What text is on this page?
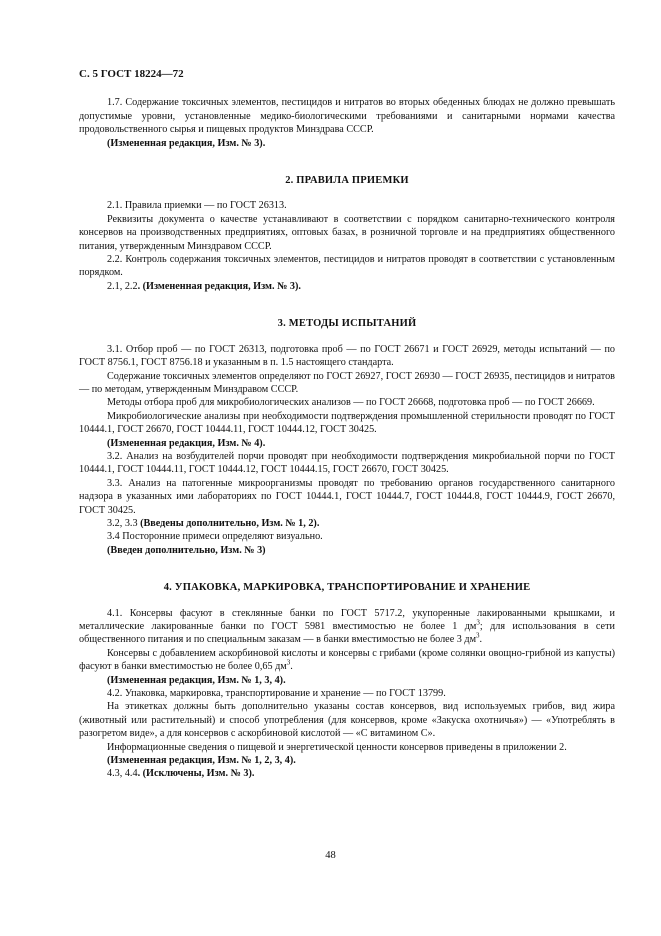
С. 5 ГОСТ 18224—72

1.7. Содержание токсичных элементов, пестицидов и нитратов во вторых обеденных блюдах не должно превышать допустимые уровни, установленные медико-биологическими требованиями и санитарными нормами качества продовольственного сырья и пищевых продуктов Минздрава СССР.

(Измененная редакция, Изм. № 3).

2. ПРАВИЛА ПРИЕМКИ

2.1. Правила приемки — по ГОСТ 26313.

Реквизиты документа о качестве устанавливают в соответствии с порядком санитарно-технического контроля консервов на производственных предприятиях, оптовых базах, в розничной торговле и на предприятиях общественного питания, утвержденным Минздравом СССР.

2.2. Контроль содержания токсичных элементов, пестицидов и нитратов проводят в соответствии с установленным порядком.

2.1, 2.2. (Измененная редакция, Изм. № 3).

3. МЕТОДЫ ИСПЫТАНИЙ

3.1. Отбор проб — по ГОСТ 26313, подготовка проб — по ГОСТ 26671 и ГОСТ 26929, методы испытаний — по ГОСТ 8756.1, ГОСТ 8756.18 и указанным в п. 1.5 настоящего стандарта.

Содержание токсичных элементов определяют по ГОСТ 26927, ГОСТ 26930 — ГОСТ 26935, пестицидов и нитратов — по методам, утвержденным Минздравом СССР.

Методы отбора проб для микробиологических анализов — по ГОСТ 26668, подготовка проб — по ГОСТ 26669.

Микробиологические анализы при необходимости подтверждения промышленной стерильности проводят по ГОСТ 10444.1, ГОСТ 26670, ГОСТ 10444.11, ГОСТ 10444.12, ГОСТ 30425.

(Измененная редакция, Изм. № 4).

3.2. Анализ на возбудителей порчи проводят при необходимости подтверждения микробиальной порчи по ГОСТ 10444.1, ГОСТ 10444.11, ГОСТ 10444.12, ГОСТ 10444.15, ГОСТ 26670, ГОСТ 30425.

3.3. Анализ на патогенные микроорганизмы проводят по требованию органов государственного санитарного надзора в указанных ими лабораториях по ГОСТ 10444.1, ГОСТ 10444.7, ГОСТ 10444.8, ГОСТ 10444.9, ГОСТ 26670, ГОСТ 30425.

3.2, 3.3 (Введены дополнительно, Изм. № 1, 2).

3.4 Посторонние примеси определяют визуально.

(Введен дополнительно, Изм. № 3)

4. УПАКОВКА, МАРКИРОВКА, ТРАНСПОРТИРОВАНИЕ И ХРАНЕНИЕ

4.1. Консервы фасуют в стеклянные банки по ГОСТ 5717.2, укупоренные лакированными крышками, и металлические лакированные банки по ГОСТ 5981 вместимостью не более 1 $дм^3$; для использования в сети общественного питания и по специальным заказам — в банки вместимостью не более 3 $дм^3$.

Консервы с добавлением аскорбиновой кислоты и консервы с грибами (кроме солянки овощно-грибной из капусты) фасуют в банки вместимостью не более 0,65 $дм^3$.

(Измененная редакция, Изм. № 1, 3, 4).

4.2. Упаковка, маркировка, транспортирование и хранение — по ГОСТ 13799.

На этикетках должны быть дополнительно указаны состав консервов, вид используемых грибов, вид жира (животный или растительный) и способ употребления (для консервов, кроме «Закуска охотничья») — «Употреблять в разогретом виде», а для консервов с аскорбиновой кислотой — «С витамином С».

Информационные сведения о пищевой и энергетической ценности консервов приведены в приложении 2.

(Измененная редакция, Изм. № 1, 2, 3, 4).

4.3, 4.4. (Исключены, Изм. № 3).

48
